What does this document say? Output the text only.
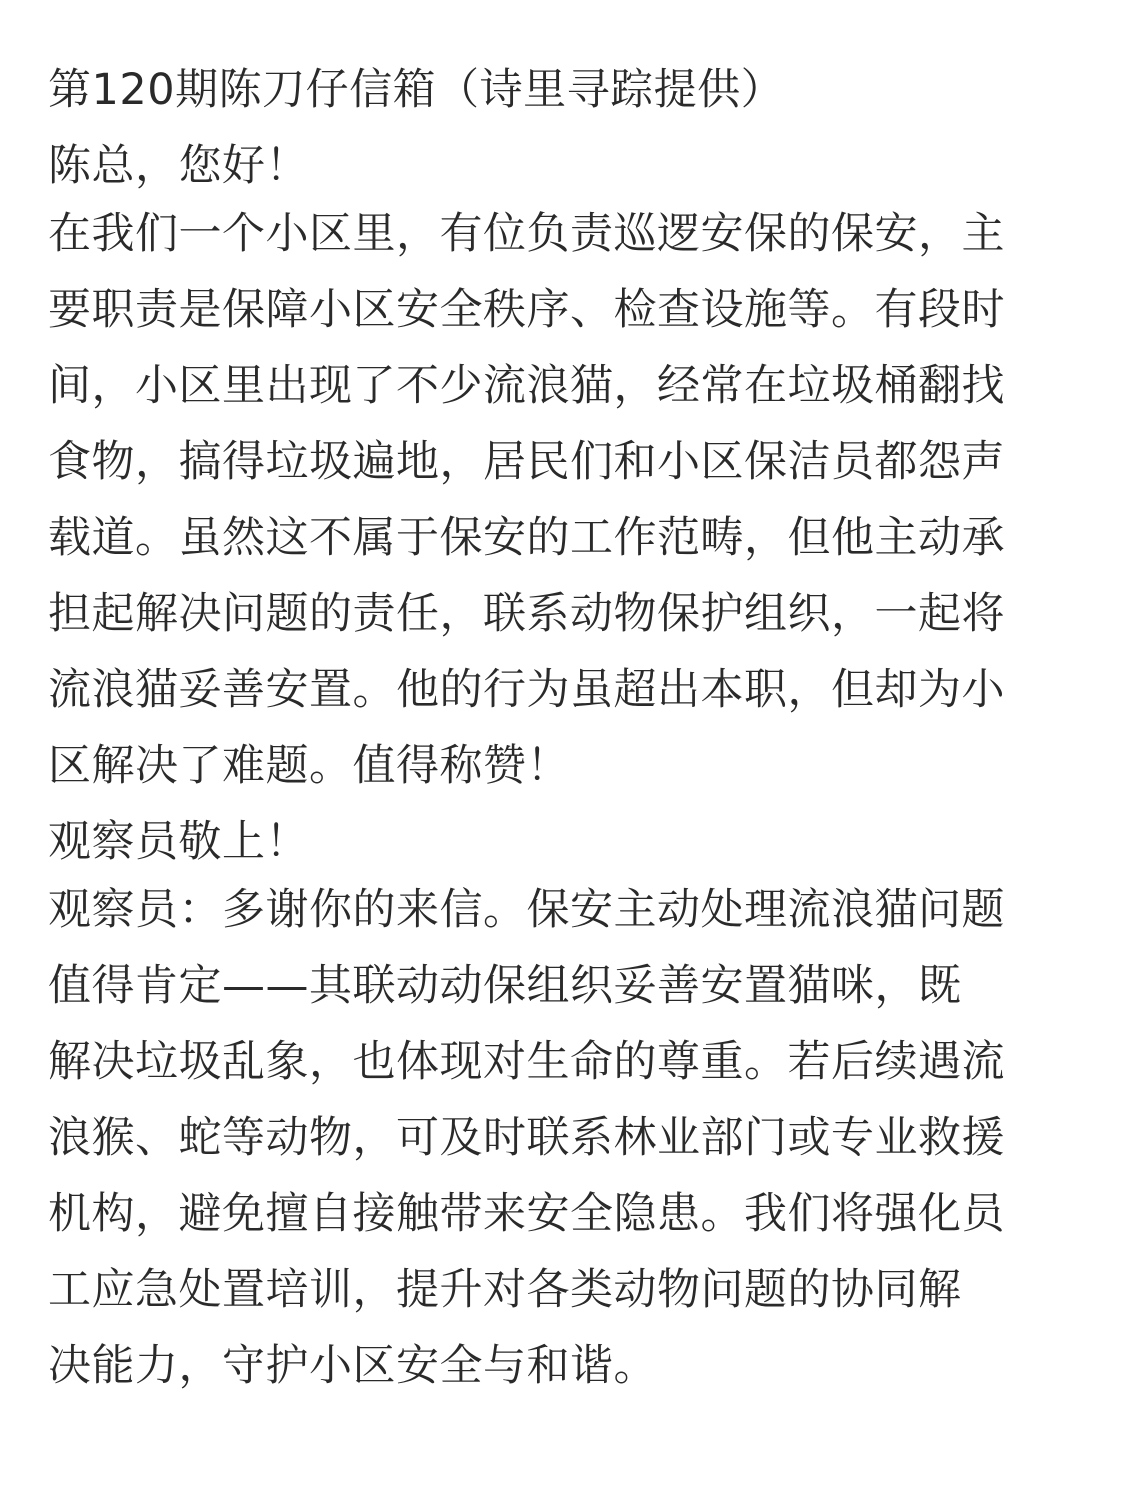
第120期陈刀仔信箱（诗里寻踪提供）
陈总，您好！
在我们一个小区里，有位负责巡逻安保的保安，主
要职责是保障小区安全秩序、检查设施等。有段时
间，小区里出现了不少流浪猫，经常在垃圾桶翻找
食物，搞得垃圾遍地，居民们和小区保洁员都怨声
载道。虽然这不属于保安的工作范畴，但他主动承
担起解决问题的责任，联系动物保护组织，一起将
流浪猫妥善安置。他的行为虽超出本职，但却为小
区解决了难题。值得称赞！
观察员敬上！
观察员：多谢你的来信。保安主动处理流浪猫问题
值得肯定——其联动动保组织妥善安置猫咪，既
解决垃圾乱象，也体现对生命的尊重。若后续遇流
浪猴、蛇等动物，可及时联系林业部门或专业救援
机构，避免擅自接触带来安全隐患。我们将强化员
工应急处置培训，提升对各类动物问题的协同解
决能力，守护小区安全与和谐。
